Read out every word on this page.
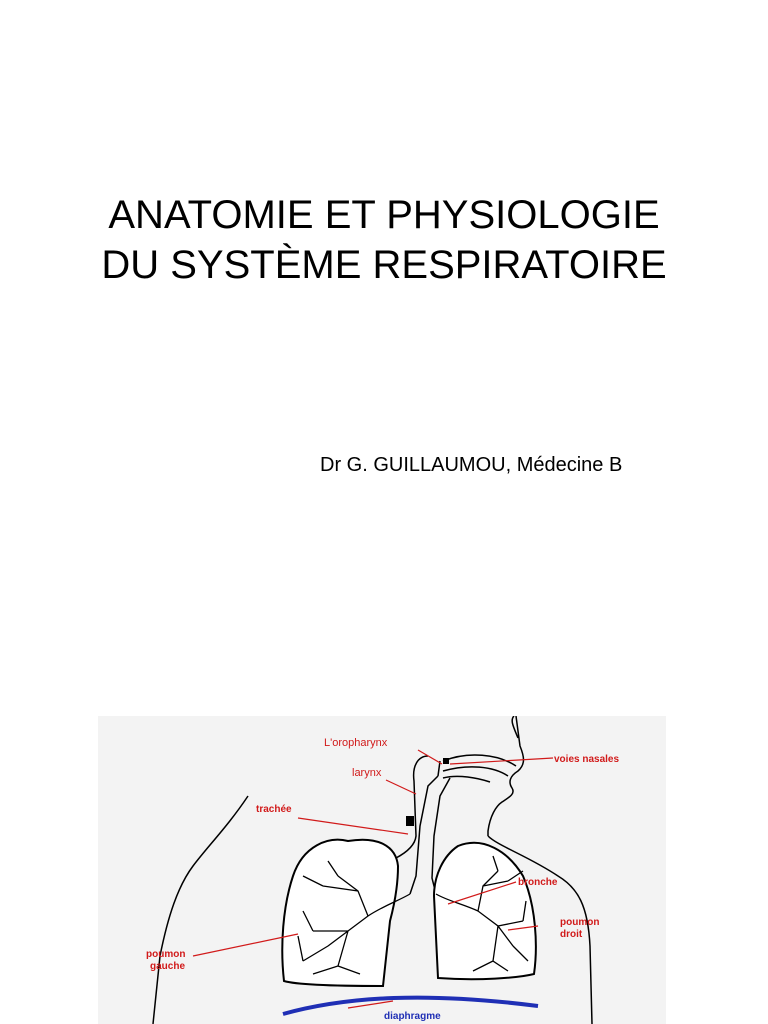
ANATOMIE ET PHYSIOLOGIE
DU SYSTÈME RESPIRATOIRE
Dr G. GUILLAUMOU, Médecine B
L'oropharynx
voies nasales
larynx
trachée
bronche
poumon
droit
poumon
gauche
diaphragme
